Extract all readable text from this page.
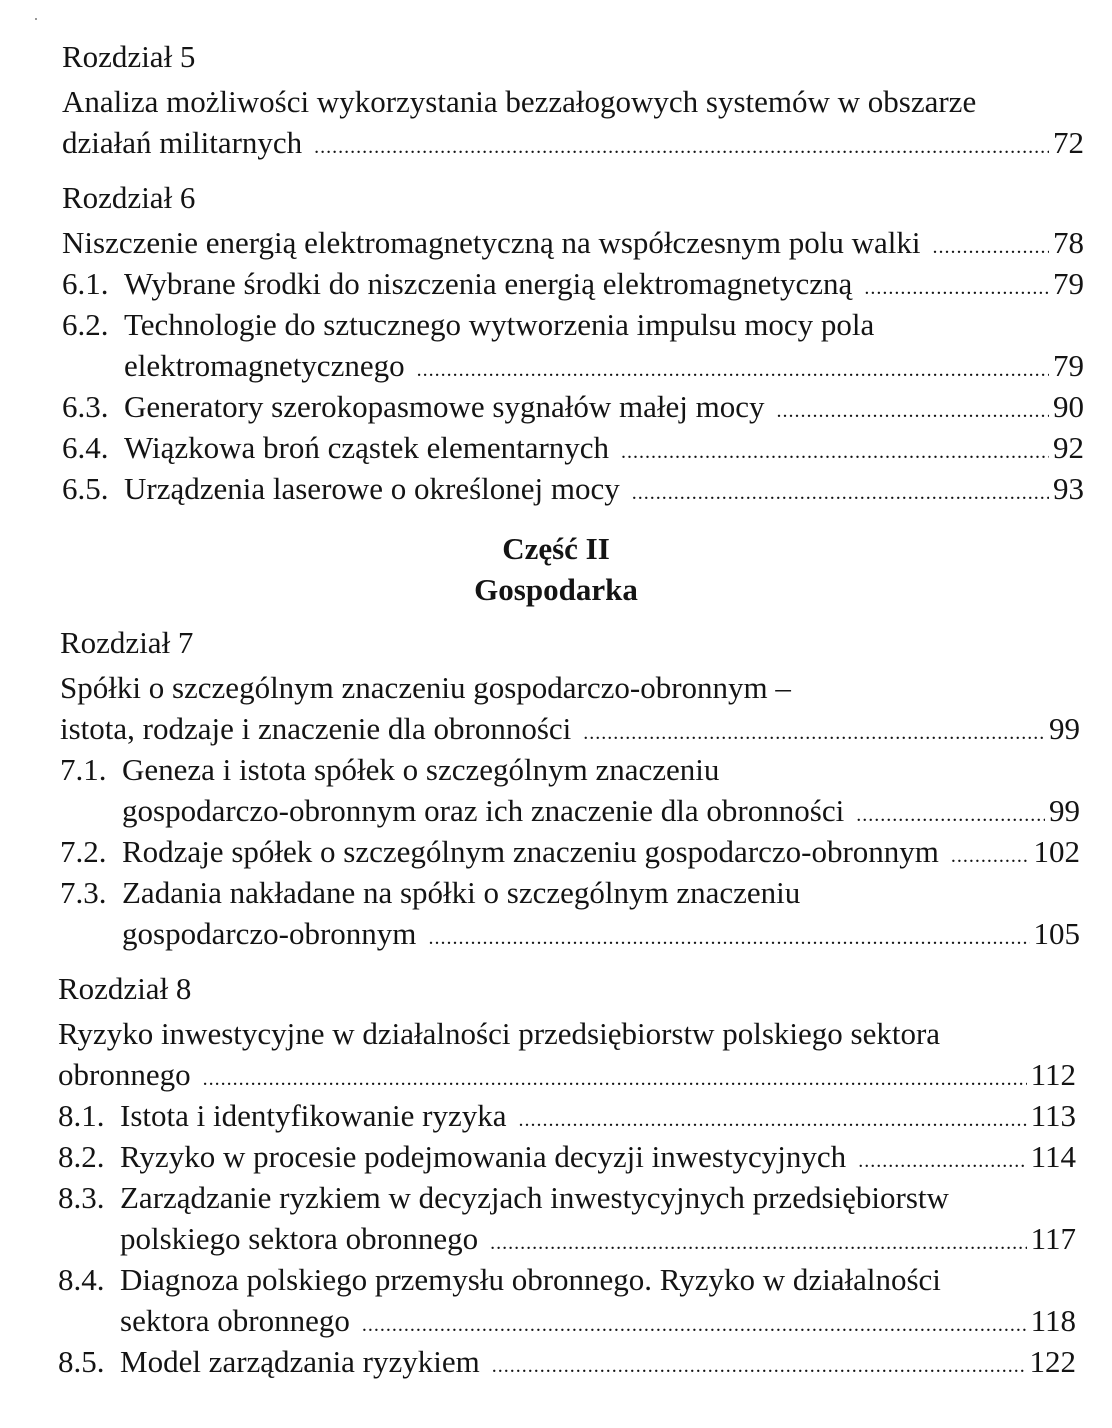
Rozdział 5
Analiza możliwości wykorzystania bezzałogowych systemów w obszarze
działań militarnych .....	72
Rozdział 6
Niszczenie energią elektromagnetyczną na współczesnym polu walki .....	78
6.1. Wybrane środki do niszczenia energią elektromagnetyczną .....	79
6.2. Technologie do sztucznego wytworzenia impulsu mocy pola
elektromagnetycznego .....	79
6.3. Generatory szerokopasmowe sygnałów małej mocy .....	90
6.4. Wiązkowa broń cząstek elementarnych .....	92
6.5. Urządzenia laserowe o określonej mocy .....	93
Część II
Gospodarka
Rozdział 7
Spółki o szczególnym znaczeniu gospodarczo-obronnym –
istota, rodzaje i znaczenie dla obronności .....	99
7.1. Geneza i istota spółek o szczególnym znaczeniu
gospodarczo-obronnym oraz ich znaczenie dla obronności .....	99
7.2. Rodzaje spółek o szczególnym znaczeniu gospodarczo-obronnym .....	102
7.3. Zadania nakładane na spółki o szczególnym znaczeniu
gospodarczo-obronnym .....	105
Rozdział 8
Ryzyko inwestycyjne w działalności przedsiębiorstw polskiego sektora
obronnego .....	112
8.1. Istota i identyfikowanie ryzyka .....	113
8.2. Ryzyko w procesie podejmowania decyzji inwestycyjnych .....	114
8.3. Zarządzanie ryzkiem w decyzjach inwestycyjnych przedsiębiorstw
polskiego sektora obronnego .....	117
8.4. Diagnoza polskiego przemysłu obronnego. Ryzyko w działalności
sektora obronnego .....	118
8.5. Model zarządzania ryzykiem .....	122
